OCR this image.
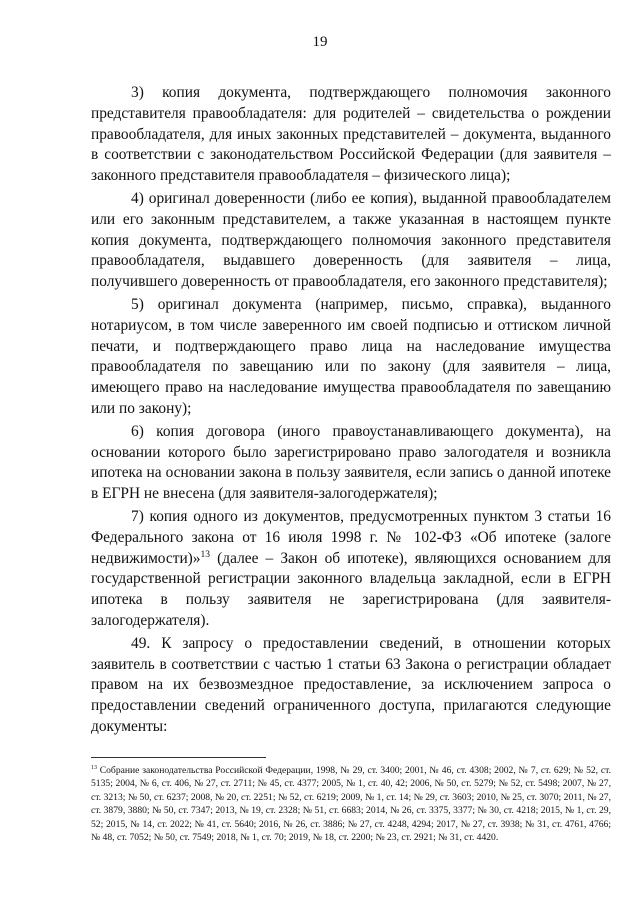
19

3) копия документа, подтверждающего полномочия законного представителя правообладателя: для родителей – свидетельства о рождении правообладателя, для иных законных представителей – документа, выданного в соответствии с законодательством Российской Федерации (для заявителя – законного представителя правообладателя – физического лица);

4) оригинал доверенности (либо ее копия), выданной правообладателем или его законным представителем, а также указанная в настоящем пункте копия документа, подтверждающего полномочия законного представителя правообладателя, выдавшего доверенность (для заявителя – лица, получившего доверенность от правообладателя, его законного представителя);

5) оригинал документа (например, письмо, справка), выданного нотариусом, в том числе заверенного им своей подписью и оттиском личной печати, и подтверждающего право лица на наследование имущества правообладателя по завещанию или по закону (для заявителя – лица, имеющего право на наследование имущества правообладателя по завещанию или по закону);

6) копия договора (иного правоустанавливающего документа), на основании которого было зарегистрировано право залогодателя и возникла ипотека на основании закона в пользу заявителя, если запись о данной ипотеке в ЕГРН не внесена (для заявителя-залогодержателя);

7) копия одного из документов, предусмотренных пунктом 3 статьи 16 Федерального закона от 16 июля 1998 г. № 102-ФЗ «Об ипотеке (залоге недвижимости)»$^{13}$ (далее – Закон об ипотеке), являющихся основанием для государственной регистрации законного владельца закладной, если в ЕГРН ипотека в пользу заявителя не зарегистрирована (для заявителя-залогодержателя).

49. К запросу о предоставлении сведений, в отношении которых заявитель в соответствии с частью 1 статьи 63 Закона о регистрации обладает правом на их безвозмездное предоставление, за исключением запроса о предоставлении сведений ограниченного доступа, прилагаются следующие документы:

$^{13}$ Собрание законодательства Российской Федерации, 1998, № 29, ст. 3400; 2001, № 46, ст. 4308; 2002, № 7, ст. 629; № 52, ст. 5135; 2004, № 6, ст. 406, № 27, ст. 2711; № 45, ст. 4377; 2005, № 1, ст. 40, 42; 2006, № 50, ст. 5279; № 52, ст. 5498; 2007, № 27, ст. 3213; № 50, ст. 6237; 2008, № 20, ст. 2251; № 52, ст. 6219; 2009, № 1, ст. 14; № 29, ст. 3603; 2010, № 25, ст. 3070; 2011, № 27, ст. 3879, 3880; № 50, ст. 7347; 2013, № 19, ст. 2328; № 51, ст. 6683; 2014, № 26, ст. 3375, 3377; № 30, ст. 4218; 2015, № 1, ст. 29, 52; 2015, № 14, ст. 2022; № 41, ст. 5640; 2016, № 26, ст. 3886; № 27, ст. 4248, 4294; 2017, № 27, ст. 3938; № 31, ст. 4761, 4766; № 48, ст. 7052; № 50, ст. 7549; 2018, № 1, ст. 70; 2019, № 18, ст. 2200; № 23, ст. 2921; № 31, ст. 4420.
